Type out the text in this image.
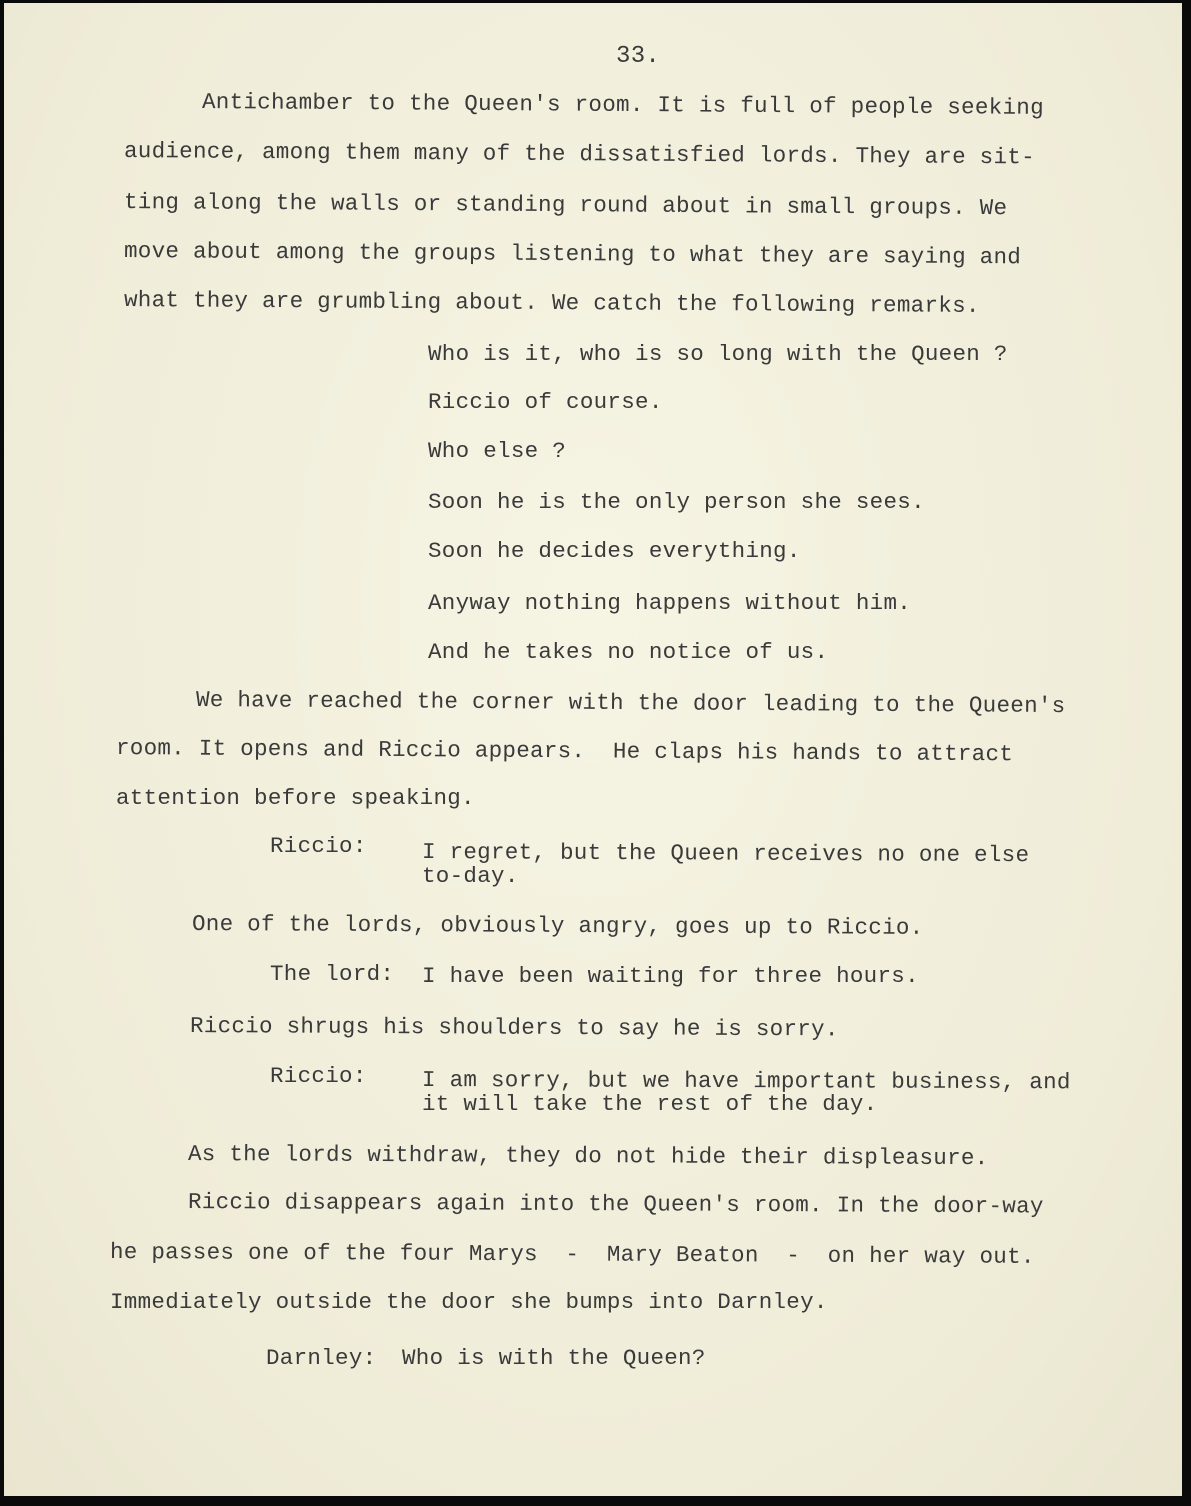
33.
Antichamber to the Queen's room. It is full of people seeking
audience, among them many of the dissatisfied lords. They are sit-
ting along the walls or standing round about in small groups. We
move about among the groups listening to what they are saying and
what they are grumbling about. We catch the following remarks.
Who is it, who is so long with the Queen ?
Riccio of course.
Who else ?
Soon he is the only person she sees.
Soon he decides everything.
Anyway nothing happens without him.
And he takes no notice of us.
We have reached the corner with the door leading to the Queen's
room. It opens and Riccio appears.  He claps his hands to attract
attention before speaking.
Riccio: I regret, but the Queen receives no one else
to-day.
One of the lords, obviously angry, goes up to Riccio.
The lord: I have been waiting for three hours.
Riccio shrugs his shoulders to say he is sorry.
Riccio: I am sorry, but we have important business, and
it will take the rest of the day.
As the lords withdraw, they do not hide their displeasure.
Riccio disappears again into the Queen's room. In the door-way
he passes one of the four Marys  -  Mary Beaton  -  on her way out.
Immediately outside the door she bumps into Darnley.
Darnley: Who is with the Queen?
